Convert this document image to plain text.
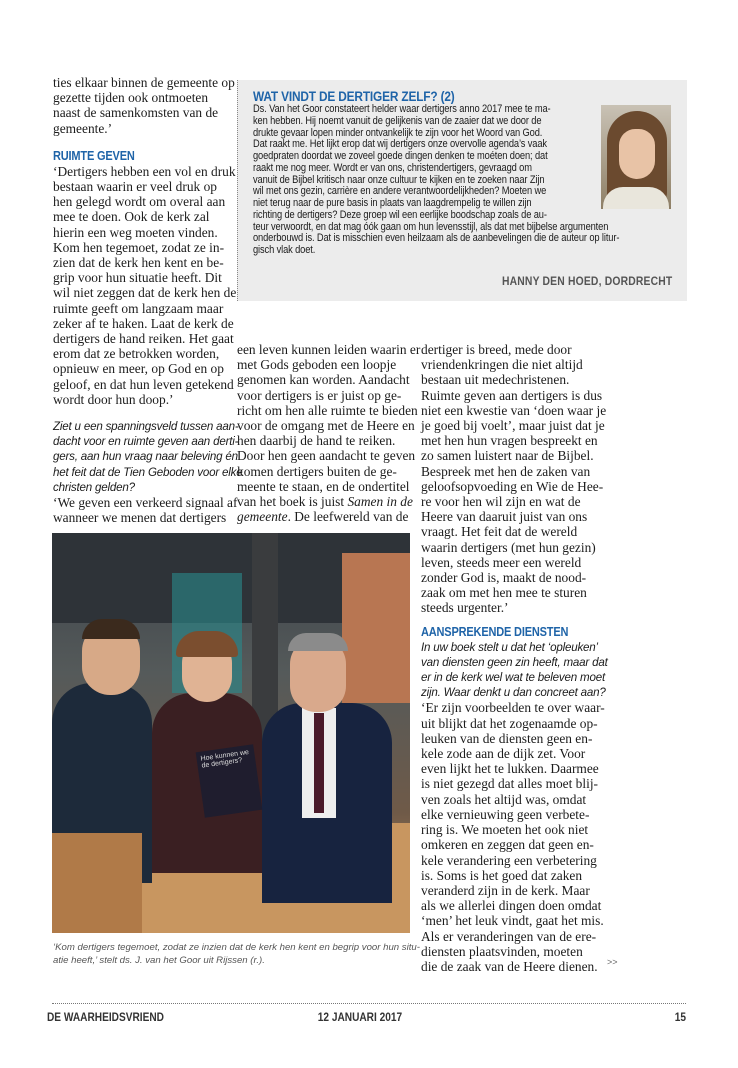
ties elkaar binnen de gemeente op
gezette tijden ook ontmoeten
naast de samenkomsten van de
gemeente.’
RUIMTE GEVEN
‘Dertigers hebben een vol en druk
bestaan waarin er veel druk op
hen gelegd wordt om overal aan
mee te doen. Ook de kerk zal
hierin een weg moeten vinden.
Kom hen tegemoet, zodat ze in-
zien dat de kerk hen kent en be-
grip voor hun situatie heeft. Dit
wil niet zeggen dat de kerk hen de
ruimte geeft om langzaam maar
zeker af te haken. Laat de kerk de
dertigers de hand reiken. Het gaat
erom dat ze betrokken worden,
opnieuw en meer, op God en op
geloof, en dat hun leven getekend
wordt door hun doop.’
Ziet u een spanningsveld tussen aan-
dacht voor en ruimte geven aan derti-
gers, aan hun vraag naar beleving én
het feit dat de Tien Geboden voor elke
christen gelden?
‘We geven een verkeerd signaal af
wanneer we menen dat dertigers
WAT VINDT DE DERTIGER ZELF? (2)
Ds. Van het Goor constateert helder waar dertigers anno 2017 mee te ma-
ken hebben. Hij noemt vanuit de gelijkenis van de zaaier dat we door de
drukte gevaar lopen minder ontvankelijk te zijn voor het Woord van God.
Dat raakt me. Het lijkt erop dat wij dertigers onze overvolle agenda’s vaak
goedpraten doordat we zoveel goede dingen denken te moéten doen; dat
raakt me nog meer. Wordt er van ons, christendertigers, gevraagd om
vanuit de Bijbel kritisch naar onze cultuur te kijken en te zoeken naar Zijn
wil met ons gezin, carrière en andere verantwoordelijkheden? Moeten we
niet terug naar de pure basis in plaats van laagdrempelig te willen zijn
richting de dertigers? Deze groep wil een eerlijke boodschap zoals de au-
teur verwoordt, en dat mag óók gaan om hun levensstijl, als dat met bijbelse argumenten
onderbouwd is. Dat is misschien even heilzaam als de aanbevelingen die de auteur op litur-
gisch vlak doet.
HANNY DEN HOED, DORDRECHT
een leven kunnen leiden waarin er
met Gods geboden een loopje
genomen kan worden. Aandacht
voor dertigers is er juist op ge-
richt om hen alle ruimte te bieden
voor de omgang met de Heere en
hen daarbij de hand te reiken.
Door hen geen aandacht te geven
komen dertigers buiten de ge-
meente te staan, en de ondertitel
van het boek is juist Samen in de
gemeente. De leefwereld van de
dertiger is breed, mede door
vriendenkringen die niet altijd
bestaan uit medechristenen.
Ruimte geven aan dertigers is dus
niet een kwestie van ‘doen waar je
je goed bij voelt’, maar juist dat je
met hen hun vragen bespreekt en
zo samen luistert naar de Bijbel.
Bespreek met hen de zaken van
geloofsopvoeding en Wie de Hee-
re voor hen wil zijn en wat de
Heere van daaruit juist van ons
vraagt. Het feit dat de wereld
waarin dertigers (met hun gezin)
leven, steeds meer een wereld
zonder God is, maakt de nood-
zaak om met hen mee te sturen
steeds urgenter.’
AANSPREKENDE DIENSTEN
In uw boek stelt u dat het ‘opleuken’
van diensten geen zin heeft, maar dat
er in de kerk wel wat te beleven moet
zijn. Waar denkt u dan concreet aan?
‘Er zijn voorbeelden te over waar-
uit blijkt dat het zogenaamde op-
leuken van de diensten geen en-
kele zode aan de dijk zet. Voor
even lijkt het te lukken. Daarmee
is niet gezegd dat alles moet blij-
ven zoals het altijd was, omdat
elke vernieuwing geen verbete-
ring is. We moeten het ook niet
omkeren en zeggen dat geen en-
kele verandering een verbetering
is. Soms is het goed dat zaken
veranderd zijn in de kerk. Maar
als we allerlei dingen doen omdat
‘men’ het leuk vindt, gaat het mis.
Als er veranderingen van de ere-
diensten plaatsvinden, moeten
die de zaak van de Heere dienen.	>>
Hoe kunnen we de dertigers?
‘Kom dertigers tegemoet, zodat ze inzien dat de kerk hen kent en begrip voor hun situ-
atie heeft,’ stelt ds. J. van het Goor uit Rijssen (r.).
DE WAARHEIDSVRIEND	12 JANUARI 2017	15
